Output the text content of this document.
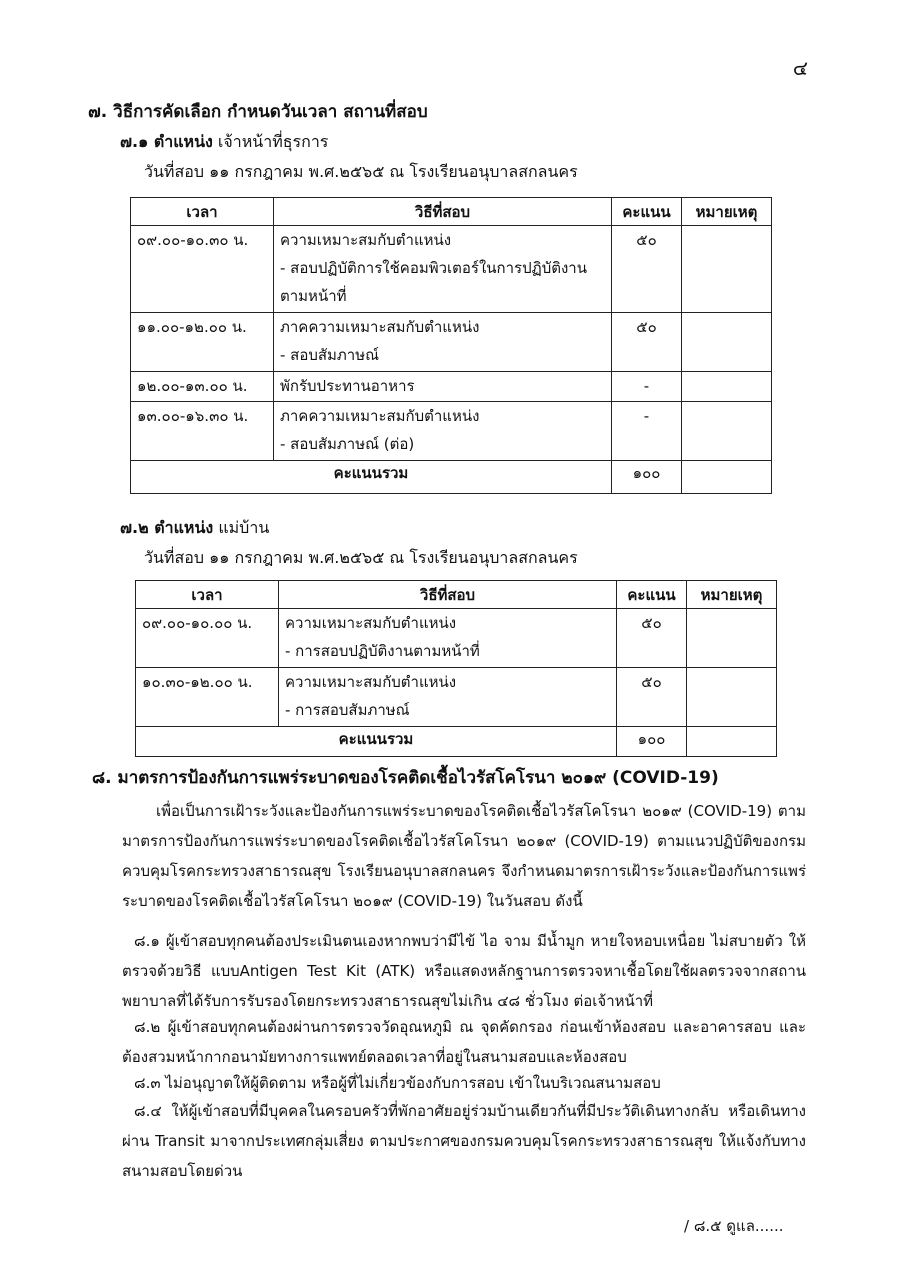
๔
๗. วิธีการคัดเลือก กำหนดวันเวลา สถานที่สอบ
๗.๑ ตำแหน่ง เจ้าหน้าที่ธุรการ
วันที่สอบ ๑๑ กรกฎาคม พ.ศ.๒๕๖๕ ณ โรงเรียนอนุบาลสกลนคร
เวลา	วิธีที่สอบ	คะแนน	หมายเหตุ

๐๙.๐๐-๑๐.๓๐ น.	ความเหมาะสมกับตำแหน่ง
- สอบปฏิบัติการใช้คอมพิวเตอร์ในการปฏิบัติงาน
ตามหน้าที่	๕๐	

๑๑.๐๐-๑๒.๐๐ น.	ภาคความเหมาะสมกับตำแหน่ง
- สอบสัมภาษณ์	๕๐	

๑๒.๐๐-๑๓.๐๐ น.	พักรับประทานอาหาร	-	

๑๓.๐๐-๑๖.๓๐ น.	ภาคความเหมาะสมกับตำแหน่ง
- สอบสัมภาษณ์ (ต่อ)	-	

คะแนนรวม		๑๐๐	
๗.๒ ตำแหน่ง แม่บ้าน
วันที่สอบ ๑๑ กรกฎาคม พ.ศ.๒๕๖๕ ณ โรงเรียนอนุบาลสกลนคร
เวลา	วิธีที่สอบ	คะแนน	หมายเหตุ

๐๙.๐๐-๑๐.๐๐ น.	ความเหมาะสมกับตำแหน่ง
- การสอบปฏิบัติงานตามหน้าที่	๕๐	

๑๐.๓๐-๑๒.๐๐ น.	ความเหมาะสมกับตำแหน่ง
- การสอบสัมภาษณ์	๕๐	

คะแนนรวม		๑๐๐	
๘. มาตรการป้องกันการแพร่ระบาดของโรคติดเชื้อไวรัสโคโรนา ๒๐๑๙ (COVID-19)
เพื่อเป็นการเฝ้าระวังและป้องกันการแพร่ระบาดของโรคติดเชื้อไวรัสโคโรนา ๒๐๑๙ (COVID-19) ตามมาตรการป้องกันการแพร่ระบาดของโรคติดเชื้อไวรัสโคโรนา ๒๐๑๙ (COVID-19) ตามแนวปฏิบัติของกรมควบคุมโรคกระทรวงสาธารณสุข โรงเรียนอนุบาลสกลนคร จึงกำหนดมาตรการเฝ้าระวังและป้องกันการแพร่ระบาดของโรคติดเชื้อไวรัสโคโรนา ๒๐๑๙ (COVID-19) ในวันสอบ ดังนี้
๘.๑ ผู้เข้าสอบทุกคนต้องประเมินตนเองหากพบว่ามีไข้ ไอ จาม มีน้ำมูก หายใจหอบเหนื่อย ไม่สบายตัว ให้ตรวจด้วยวิธี แบบAntigen Test Kit (ATK) หรือแสดงหลักฐานการตรวจหาเชื้อโดยใช้ผลตรวจจากสถานพยาบาลที่ได้รับการรับรองโดยกระทรวงสาธารณสุขไม่เกิน ๔๘ ชั่วโมง ต่อเจ้าหน้าที่
๘.๒ ผู้เข้าสอบทุกคนต้องผ่านการตรวจวัดอุณหภูมิ ณ จุดคัดกรอง ก่อนเข้าห้องสอบ และอาคารสอบ และต้องสวมหน้ากากอนามัยทางการแพทย์ตลอดเวลาที่อยู่ในสนามสอบและห้องสอบ
๘.๓ ไม่อนุญาตให้ผู้ติดตาม หรือผู้ที่ไม่เกี่ยวข้องกับการสอบ เข้าในบริเวณสนามสอบ
๘.๔ ให้ผู้เข้าสอบที่มีบุคคลในครอบครัวที่พักอาศัยอยู่ร่วมบ้านเดียวกันที่มีประวัติเดินทางกลับ หรือเดินทางผ่าน Transit มาจากประเทศกลุ่มเสี่ยง ตามประกาศของกรมควบคุมโรคกระทรวงสาธารณสุข ให้แจ้งกับทางสนามสอบโดยด่วน
/ ๘.๕ ดูแล......
